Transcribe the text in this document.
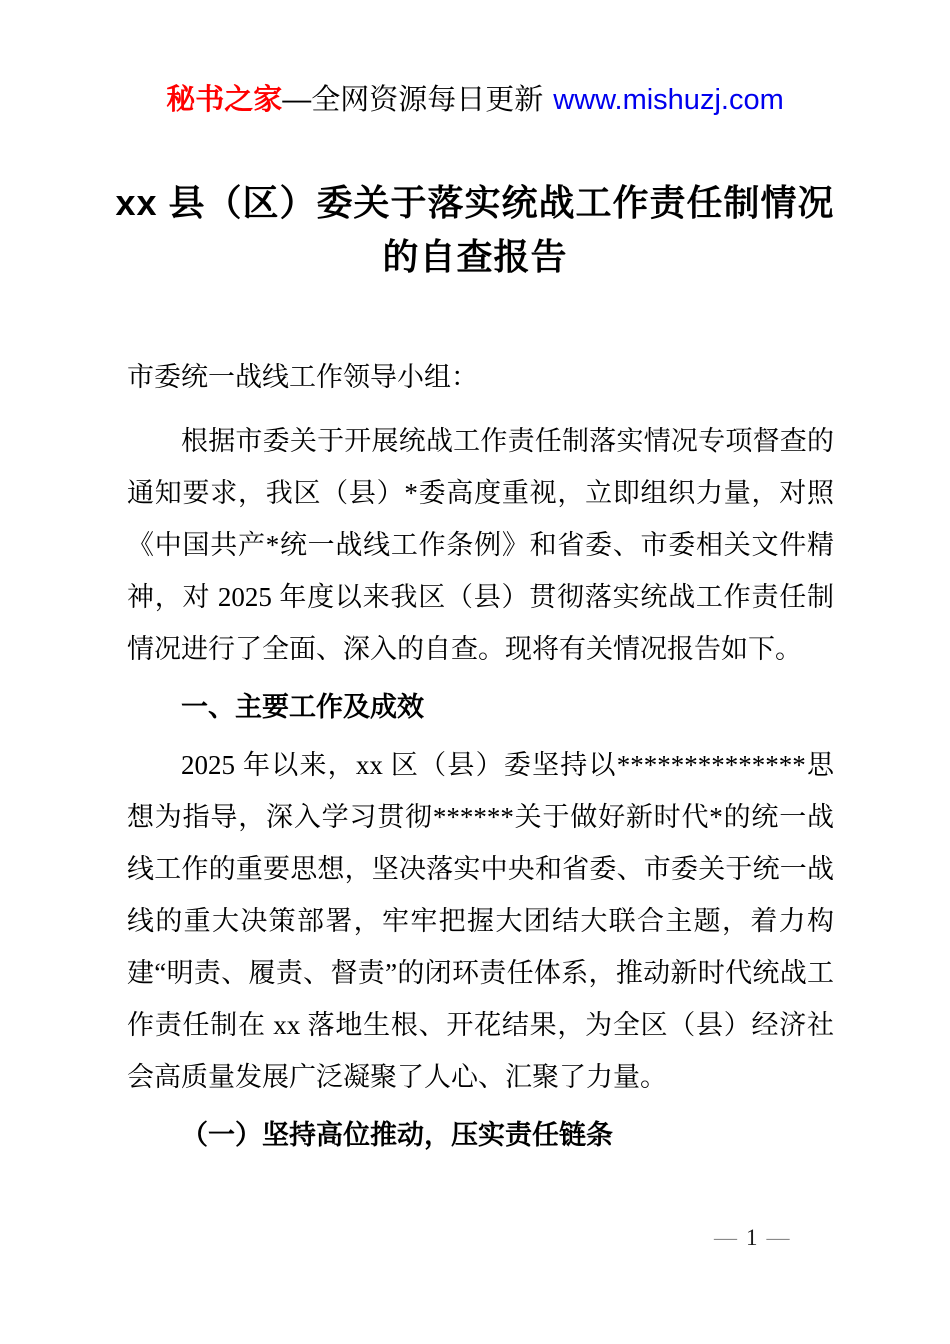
秘书之家—全网资源每日更新 www.mishuzj.com
xx 县（区）委关于落实统战工作责任制情况
的自查报告

市委统一战线工作领导小组：

根据市委关于开展统战工作责任制落实情况专项督查的通知要求，我区（县）*委高度重视，立即组织力量，对照《中国共产*统一战线工作条例》和省委、市委相关文件精神，对 2025 年度以来我区（县）贯彻落实统战工作责任制情况进行了全面、深入的自查。现将有关情况报告如下。

一、主要工作及成效

2025 年以来，xx 区（县）委坚持以**************思想为指导，深入学习贯彻******关于做好新时代*的统一战线工作的重要思想，坚决落实中央和省委、市委关于统一战线的重大决策部署，牢牢把握大团结大联合主题，着力构建“明责、履责、督责”的闭环责任体系，推动新时代统战工作责任制在 xx 落地生根、开花结果，为全区（县）经济社会高质量发展广泛凝聚了人心、汇聚了力量。

（一）坚持高位推动，压实责任链条

— 1 —
